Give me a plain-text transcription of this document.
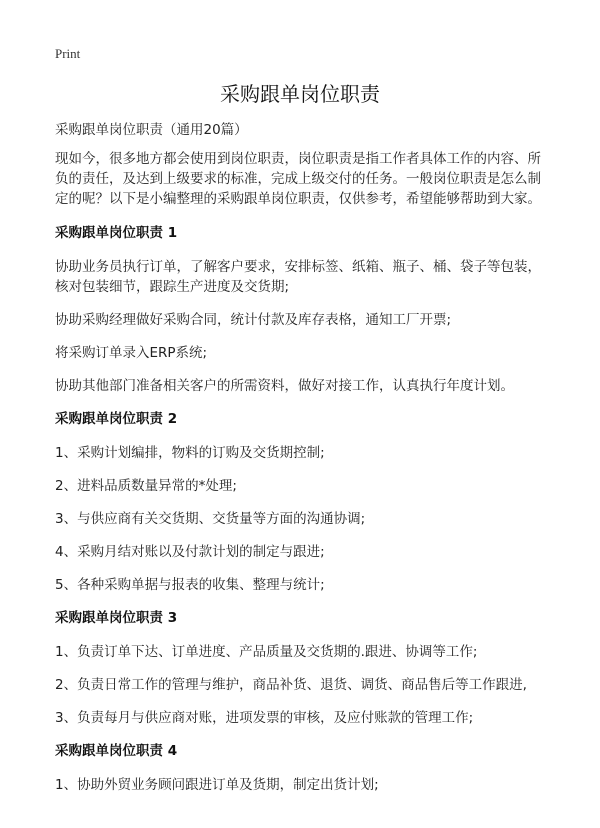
Print
采购跟单岗位职责

采购跟单岗位职责（通用20篇）

现如今，很多地方都会使用到岗位职责，岗位职责是指工作者具体工作的内容、所负的责任，及达到上级要求的标准，完成上级交付的任务。一般岗位职责是怎么制定的呢？以下是小编整理的采购跟单岗位职责，仅供参考，希望能够帮助到大家。

采购跟单岗位职责 1

协助业务员执行订单，了解客户要求，安排标签、纸箱、瓶子、桶、袋子等包装，核对包装细节，跟踪生产进度及交货期;

协助采购经理做好采购合同，统计付款及库存表格，通知工厂开票;

将采购订单录入ERP系统;

协助其他部门准备相关客户的所需资料，做好对接工作，认真执行年度计划。

采购跟单岗位职责 2

1、采购计划编排，物料的订购及交货期控制;

2、进料品质数量异常的*处理;

3、与供应商有关交货期、交货量等方面的沟通协调;

4、采购月结对账以及付款计划的制定与跟进;

5、各种采购单据与报表的收集、整理与统计;

采购跟单岗位职责 3

1、负责订单下达、订单进度、产品质量及交货期的.跟进、协调等工作;

2、负责日常工作的管理与维护，商品补货、退货、调货、商品售后等工作跟进,

3、负责每月与供应商对账，进项发票的审核，及应付账款的管理工作;

采购跟单岗位职责 4

1、协助外贸业务顾问跟进订单及货期，制定出货计划;
